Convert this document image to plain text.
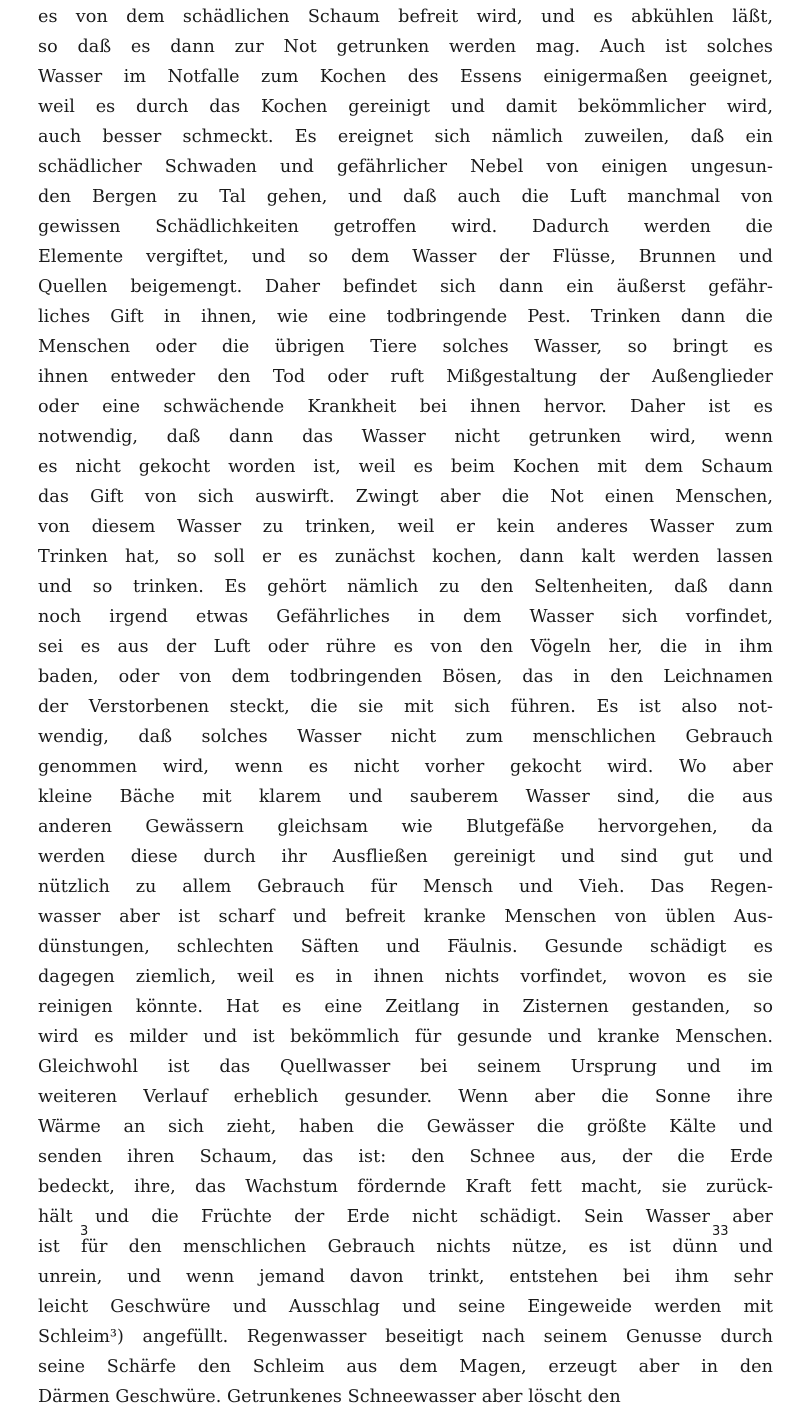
es von dem schädlichen Schaum befreit wird, und es abkühlen läßt,
so daß es dann zur Not getrunken werden mag. Auch ist solches
Wasser im Notfalle zum Kochen des Essens einigermaßen geeignet,
weil es durch das Kochen gereinigt und damit bekömmlicher wird,
auch besser schmeckt. Es ereignet sich nämlich zuweilen, daß ein
schädlicher Schwaden und gefährlicher Nebel von einigen ungesun-
den Bergen zu Tal gehen, und daß auch die Luft manchmal von
gewissen Schädlichkeiten getroffen wird. Dadurch werden die
Elemente vergiftet, und so dem Wasser der Flüsse, Brunnen und
Quellen beigemengt. Daher befindet sich dann ein äußerst gefähr-
liches Gift in ihnen, wie eine todbringende Pest. Trinken dann die
Menschen oder die übrigen Tiere solches Wasser, so bringt es
ihnen entweder den Tod oder ruft Mißgestaltung der Außenglieder
oder eine schwächende Krankheit bei ihnen hervor. Daher ist es
notwendig, daß dann das Wasser nicht getrunken wird, wenn
es nicht gekocht worden ist, weil es beim Kochen mit dem Schaum
das Gift von sich auswirft. Zwingt aber die Not einen Menschen,
von diesem Wasser zu trinken, weil er kein anderes Wasser zum
Trinken hat, so soll er es zunächst kochen, dann kalt werden lassen
und so trinken. Es gehört nämlich zu den Seltenheiten, daß dann
noch irgend etwas Gefährliches in dem Wasser sich vorfindet,
sei es aus der Luft oder rühre es von den Vögeln her, die in ihm
baden, oder von dem todbringenden Bösen, das in den Leichnamen
der Verstorbenen steckt, die sie mit sich führen. Es ist also not-
wendig, daß solches Wasser nicht zum menschlichen Gebrauch
genommen wird, wenn es nicht vorher gekocht wird. Wo aber
kleine Bäche mit klarem und sauberem Wasser sind, die aus
anderen Gewässern gleichsam wie Blutgefäße hervorgehen, da
werden diese durch ihr Ausfließen gereinigt und sind gut und
nützlich zu allem Gebrauch für Mensch und Vieh. Das Regen-
wasser aber ist scharf und befreit kranke Menschen von üblen Aus-
dünstungen, schlechten Säften und Fäulnis. Gesunde schädigt es
dagegen ziemlich, weil es in ihnen nichts vorfindet, wovon es sie
reinigen könnte. Hat es eine Zeitlang in Zisternen gestanden, so
wird es milder und ist bekömmlich für gesunde und kranke Menschen.
Gleichwohl ist das Quellwasser bei seinem Ursprung und im
weiteren Verlauf erheblich gesunder. Wenn aber die Sonne ihre
Wärme an sich zieht, haben die Gewässer die größte Kälte und
senden ihren Schaum, das ist: den Schnee aus, der die Erde
bedeckt, ihre, das Wachstum fördernde Kraft fett macht, sie zurück-
hält und die Früchte der Erde nicht schädigt. Sein Wasser aber
ist für den menschlichen Gebrauch nichts nütze, es ist dünn und
unrein, und wenn jemand davon trinkt, entstehen bei ihm sehr
leicht Geschwüre und Ausschlag und seine Eingeweide werden mit
Schleim³) angefüllt. Regenwasser beseitigt nach seinem Genusse durch
seine Schärfe den Schleim aus dem Magen, erzeugt aber in den
Därmen Geschwüre. Getrunkenes Schneewasser aber löscht den
3	33
